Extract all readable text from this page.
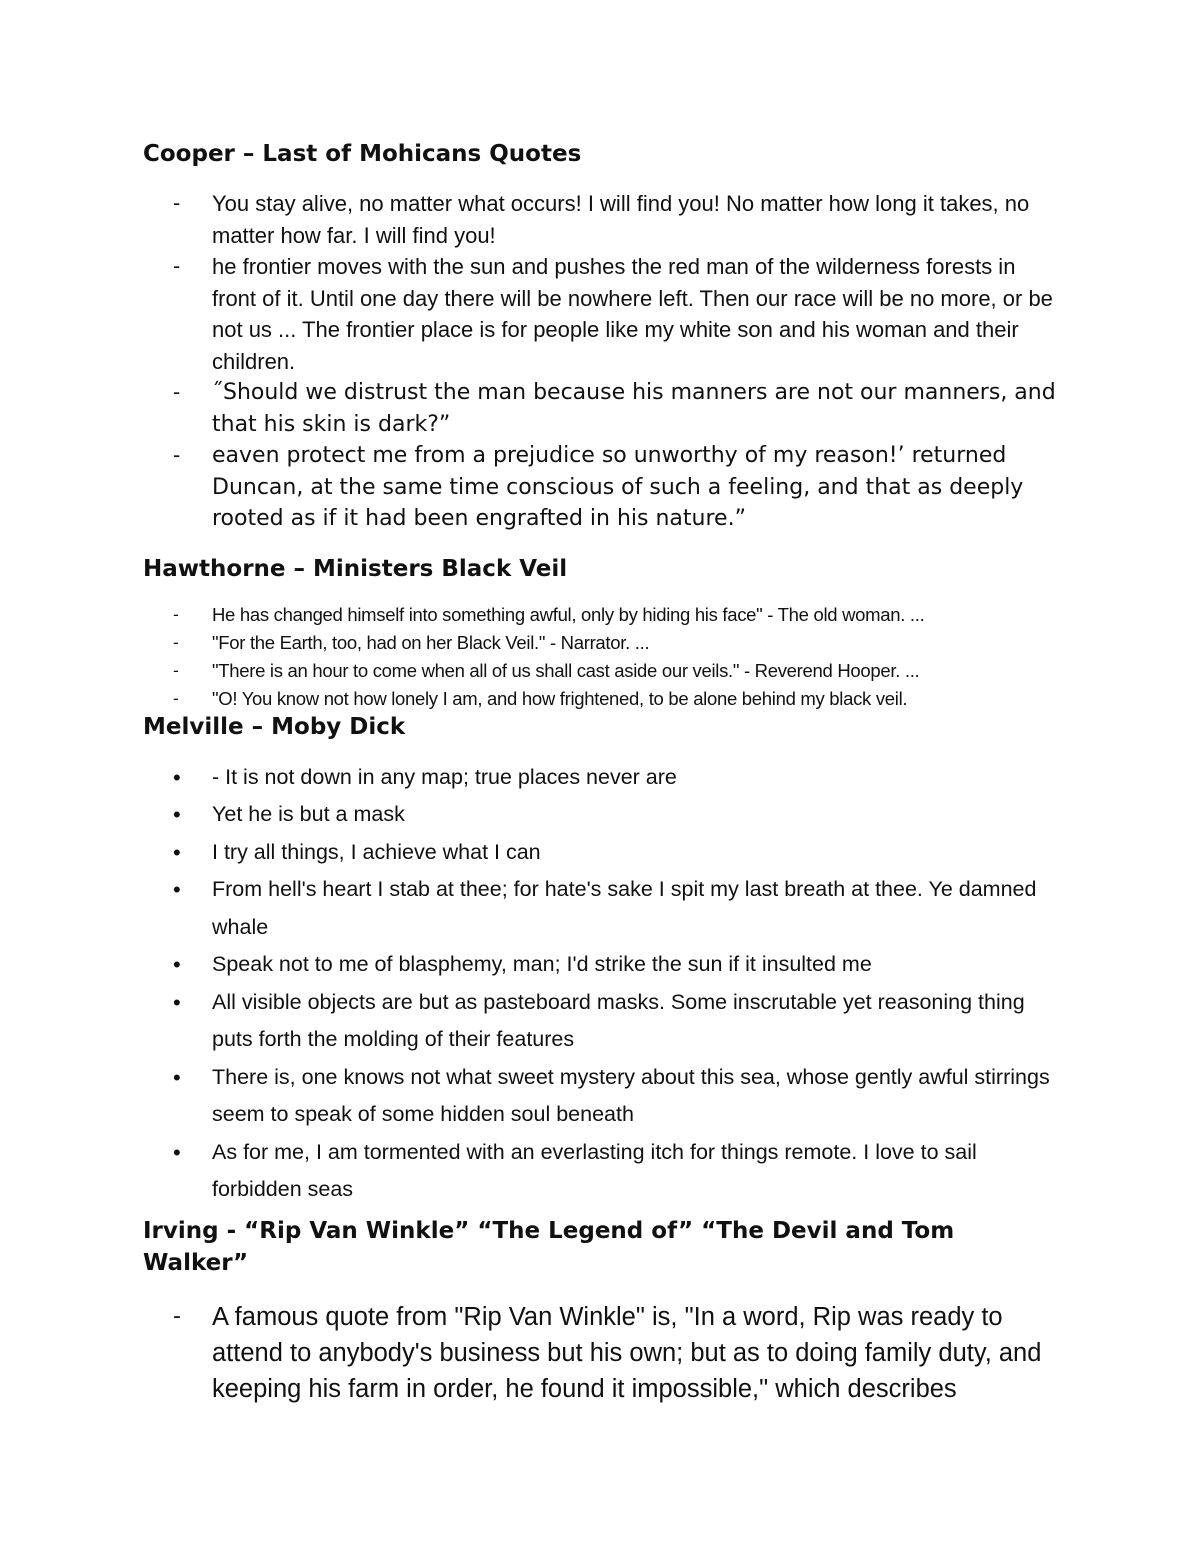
Cooper – Last of Mohicans Quotes
- You stay alive, no matter what occurs! I will find you! No matter how long it takes, no matter how far. I will find you!
- he frontier moves with the sun and pushes the red man of the wilderness forests in front of it. Until one day there will be nowhere left. Then our race will be no more, or be not us ... The frontier place is for people like my white son and his woman and their children.
- ˝Should we distrust the man because his manners are not our manners, and that his skin is dark?”
- eaven protect me from a prejudice so unworthy of my reason!’ returned Duncan, at the same time conscious of such a feeling, and that as deeply rooted as if it had been engrafted in his nature.”
Hawthorne – Ministers Black Veil
- He has changed himself into something awful, only by hiding his face" - The old woman. ...
- "For the Earth, too, had on her Black Veil." - Narrator. ...
- "There is an hour to come when all of us shall cast aside our veils." - Reverend Hooper. ...
- "O! You know not how lonely I am, and how frightened, to be alone behind my black veil.
Melville – Moby Dick
• - It is not down in any map; true places never are
• Yet he is but a mask
• I try all things, I achieve what I can
• From hell's heart I stab at thee; for hate's sake I spit my last breath at thee. Ye damned whale
• Speak not to me of blasphemy, man; I'd strike the sun if it insulted me
• All visible objects are but as pasteboard masks. Some inscrutable yet reasoning thing puts forth the molding of their features
• There is, one knows not what sweet mystery about this sea, whose gently awful stirrings seem to speak of some hidden soul beneath
• As for me, I am tormented with an everlasting itch for things remote. I love to sail forbidden seas
Irving - “Rip Van Winkle” “The Legend of” “The Devil and Tom Walker”
- A famous quote from "Rip Van Winkle" is, "In a word, Rip was ready to attend to anybody's business but his own; but as to doing family duty, and keeping his farm in order, he found it impossible," which describes
